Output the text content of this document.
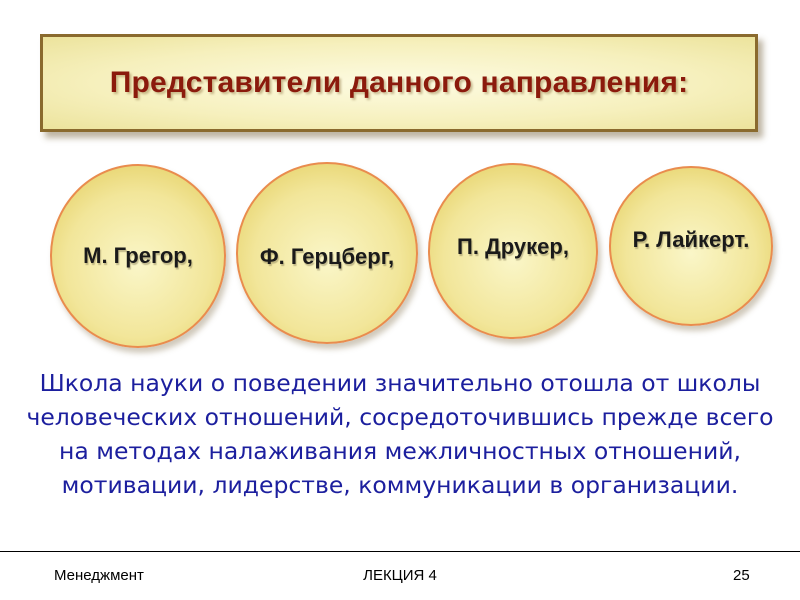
Представители данного направления:
М. Грегор,	Ф. Герцберг,	П. Друкер,	Р. Лайкерт.
Школа науки о поведении значительно отошла от школы человеческих отношений, сосредоточившись прежде всего на методах налаживания межличностных отношений, мотивации, лидерстве, коммуникации в организации.
Менеджмент	ЛЕКЦИЯ 4	25
